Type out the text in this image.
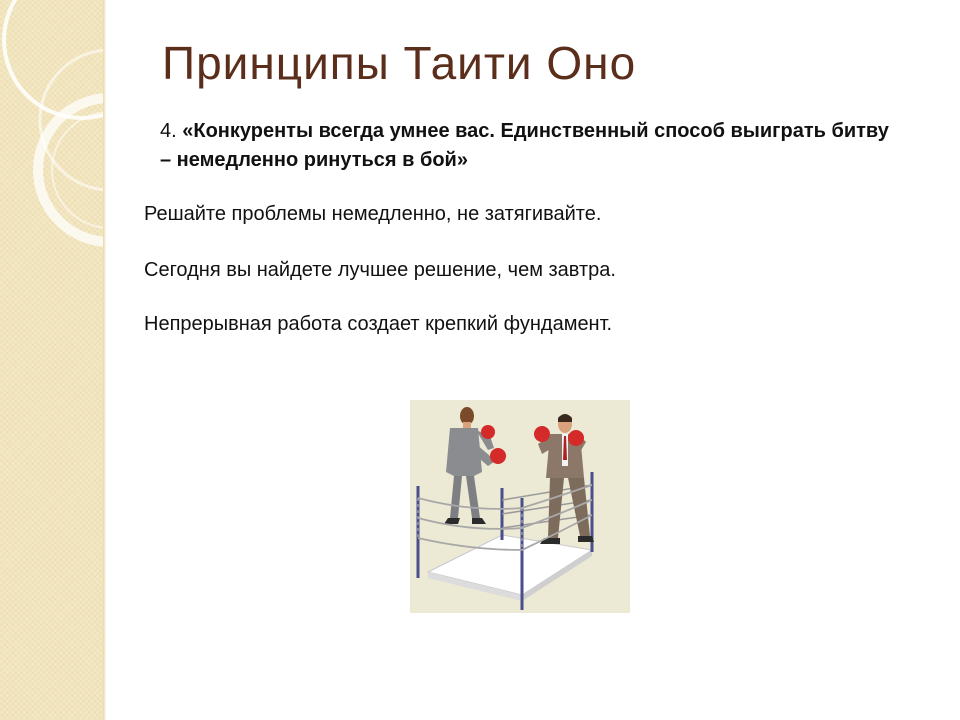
Принципы Таити Оно
4. «Конкуренты всегда умнее вас. Единственный способ выиграть битву – немедленно ринуться в бой»
Решайте проблемы немедленно, не затягивайте.
Сегодня вы найдете лучшее решение, чем завтра.
Непрерывная работа создает крепкий фундамент.
